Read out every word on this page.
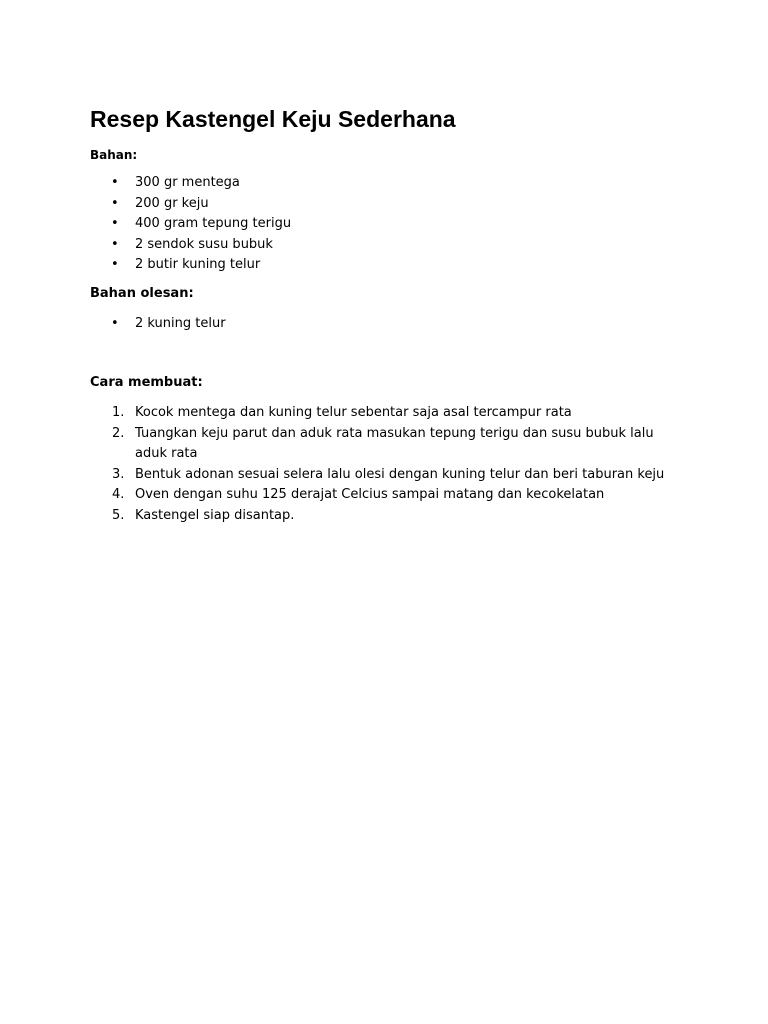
Resep Kastengel Keju Sederhana
Bahan:
• 300 gr mentega
• 200 gr keju
• 400 gram tepung terigu
• 2 sendok susu bubuk
• 2 butir kuning telur
Bahan olesan:
• 2 kuning telur
Cara membuat:
1. Kocok mentega dan kuning telur sebentar saja asal tercampur rata
2. Tuangkan keju parut dan aduk rata masukan tepung terigu dan susu bubuk lalu aduk rata
3. Bentuk adonan sesuai selera lalu olesi dengan kuning telur dan beri taburan keju
4. Oven dengan suhu 125 derajat Celcius sampai matang dan kecokelatan
5. Kastengel siap disantap.
